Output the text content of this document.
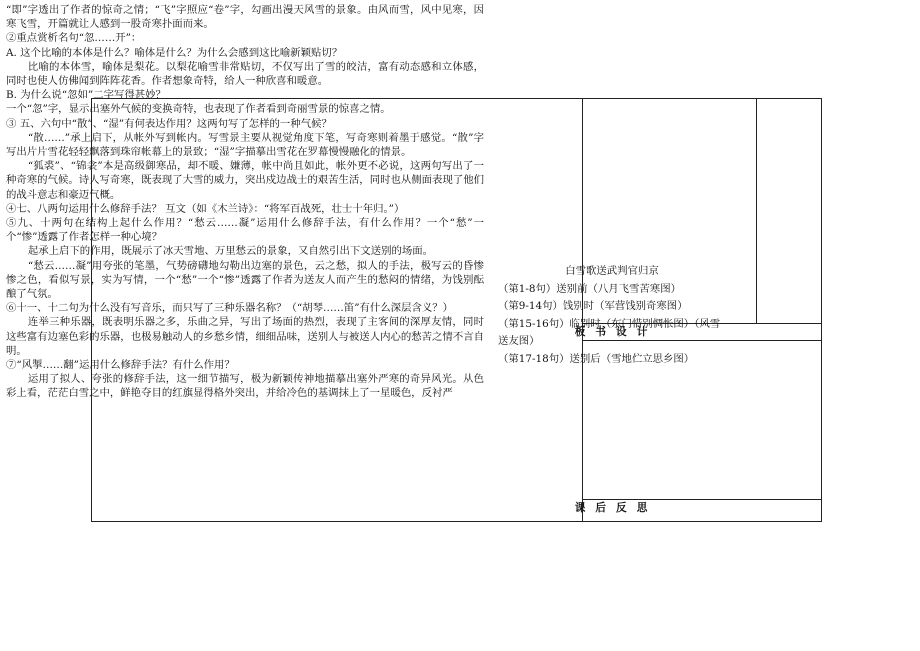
“即”字透出了作者的惊奇之情；“飞”字照应“卷”字，勾画出漫天风雪的景象。由风而雪，风中见寒，因寒飞雪，开篇就让人感到一股奇寒扑面而来。

②重点赏析名句“忽……开”：

A. 这个比喻的本体是什么？喻体是什么？为什么会感到这比喻新颖贴切？

比喻的本体雪，喻体是梨花。以梨花喻雪非常贴切，不仅写出了雪的皎洁，富有动态感和立体感，同时也使人仿佛闻到阵阵花香。作者想象奇特，给人一种欣喜和暖意。

B. 为什么说“忽如”二字写得甚妙？

一个“忽”字，显示出塞外气候的变换奇特，也表现了作者看到奇丽雪景的惊喜之情。

③ 五、六句中“散”、“湿”有何表达作用？这两句写了怎样的一种气候？

“散……”承上启下，从帐外写到帐内。写雪景主要从视觉角度下笔，写奇寒则着墨于感觉。“散”字写出片片雪花轻轻飘落到珠帘帐幕上的景致；“湿”字描摹出雪花在罗幕慢慢融化的情景。

“狐裘”、“锦衾”本是高级御寒品，却不暖、嫌薄，帐中尚且如此，帐外更不必说，这两句写出了一种奇寒的气候。诗人写奇寒，既表现了大雪的威力，突出戍边战士的艰苦生活，同时也从侧面表现了他们的战斗意志和豪迈气概。

④七、八两句运用什么修辞手法？ 互文（如《木兰诗》：“将军百战死，壮士十年归。”）

⑤九、十两句在结构上起什么作用？“愁云……凝”运用什么修辞手法，有什么作用？一个“愁”一个“惨”透露了作者怎样一种心境？

起承上启下的作用，既展示了冰天雪地、万里愁云的景象，又自然引出下文送别的场面。

“愁云……凝”用夸张的笔墨，气势磅礴地勾勒出边塞的景色，云之愁，拟人的手法，极写云的昏惨惨之色，看似写景，实为写情，一个“愁”一个“惨”透露了作者为送友人而产生的愁闷的情绪，为饯别酝酿了气氛。

⑥十一、十二句为什么没有写音乐，而只写了三种乐器名称？（“胡琴……笛”有什么深层含义？）

连举三种乐器，既表明乐器之多，乐曲之异，写出了场面的热烈，表现了主客间的深厚友情，同时这些富有边塞色彩的乐器，也极易触动人的乡愁乡情，细细品味，送别人与被送人内心的愁苦之情不言自明。

⑦“风掣……翻”运用什么修辞手法？有什么作用？

运用了拟人、夸张的修辞手法，这一细节描写，极为新颖传神地描摹出塞外严寒的奇异风光。从色彩上看，茫茫白雪之中，鲜艳夺目的红旗显得格外突出，并给冷色的基调抹上了一星暖色，反衬严

板书设计

白雪歌送武判官归京

（第1-8句）送别前（八月飞雪苦寒图）

（第9-14句）饯别时（军营饯别奇寒图）

（第15-16句）临别时（东门惜别惆怅图）（风雪送友图）

（第17-18句）送别后（雪地伫立思乡图）

课后反思
